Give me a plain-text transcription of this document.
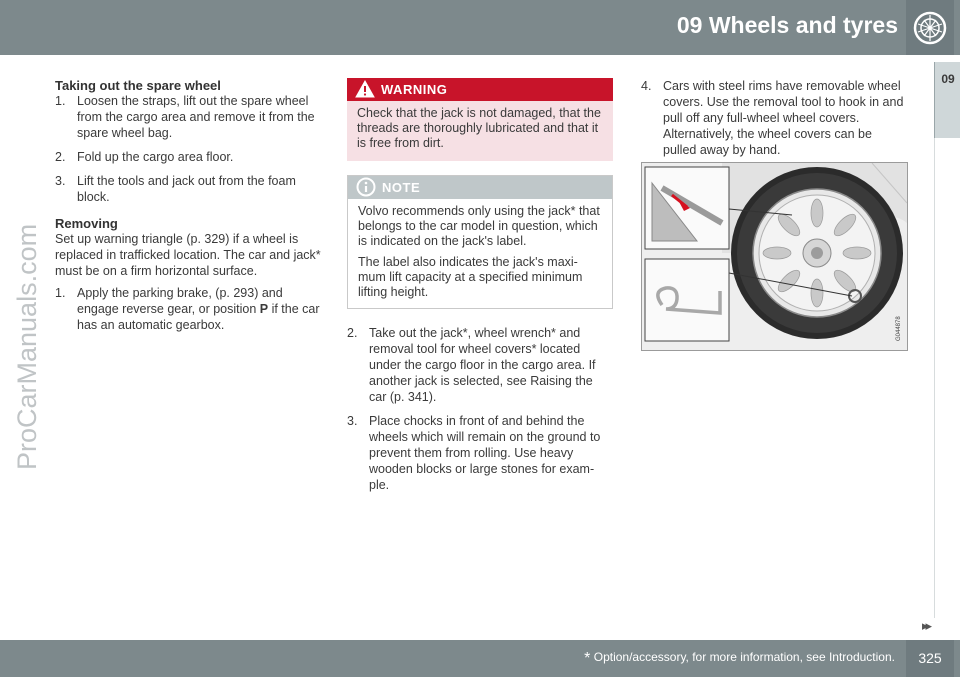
09 Wheels and tyres
09
ProCarManuals.com
Taking out the spare wheel
1. Loosen the straps, lift out the spare wheel from the cargo area and remove it from the spare wheel bag.

2. Fold up the cargo area floor.

3. Lift the tools and jack out from the foam block.

Removing

Set up warning triangle (p. 329) if a wheel is replaced in trafficked location. The car and jack* must be on a firm horizontal surface.

1. Apply the parking brake, (p. 293) and engage reverse gear, or position P if the car has an automatic gearbox.

WARNING
Check that the jack is not damaged, that the threads are thoroughly lubricated and that it is free from dirt.
NOTE

Volvo recommends only using the jack* that belongs to the car model in question, which is indicated on the jack's label.

The label also indicates the jack's maxi-mum lift capacity at a specified minimum lifting height.

2. Take out the jack*, wheel wrench* and removal tool for wheel covers* located under the cargo floor in the cargo area. If another jack is selected, see Raising the car (p. 341).

3. Place chocks in front of and behind the wheels which will remain on the ground to prevent them from rolling. Use heavy wooden blocks or large stones for exam-ple.

4. Cars with steel rims have removable wheel covers. Use the removal tool to hook in and pull off any full-wheel wheel covers. Alternatively, the wheel covers can be pulled away by hand.

G044878
▸▸
* Option/accessory, for more information, see Introduction.	325
